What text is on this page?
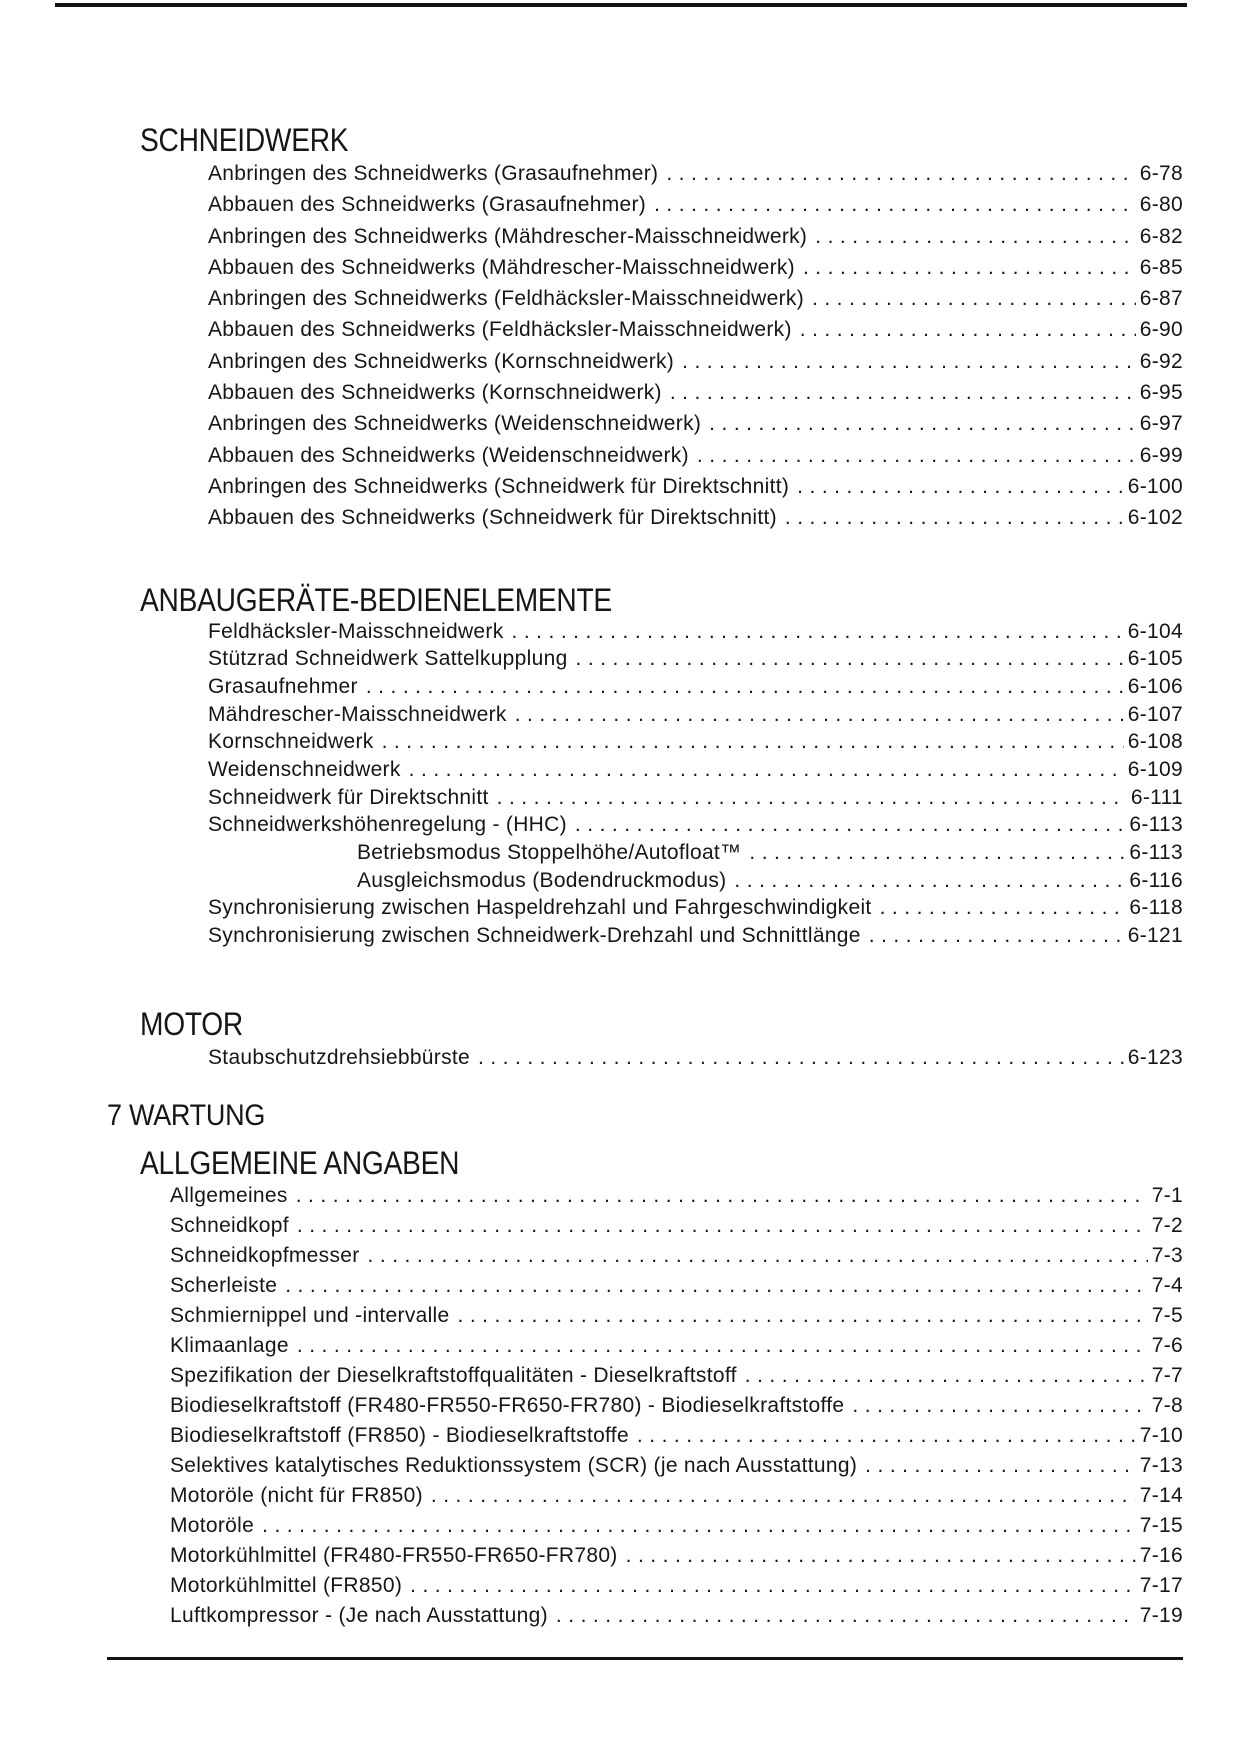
SCHNEIDWERK
Anbringen des Schneidwerks (Grasaufnehmer) .....	6-78
Abbauen des Schneidwerks (Grasaufnehmer) .....	6-80
Anbringen des Schneidwerks (Mähdrescher-Maisschneidwerk) .....	6-82
Abbauen des Schneidwerks (Mähdrescher-Maisschneidwerk) .....	6-85
Anbringen des Schneidwerks (Feldhäcksler-Maisschneidwerk) .....	6-87
Abbauen des Schneidwerks (Feldhäcksler-Maisschneidwerk) .....	6-90
Anbringen des Schneidwerks (Kornschneidwerk) .....	6-92
Abbauen des Schneidwerks (Kornschneidwerk) .....	6-95
Anbringen des Schneidwerks (Weidenschneidwerk) .....	6-97
Abbauen des Schneidwerks (Weidenschneidwerk) .....	6-99
Anbringen des Schneidwerks (Schneidwerk für Direktschnitt) .....	6-100
Abbauen des Schneidwerks (Schneidwerk für Direktschnitt) .....	6-102
ANBAUGERÄTE-BEDIENELEMENTE
Feldhäcksler-Maisschneidwerk .....	6-104
Stützrad Schneidwerk Sattelkupplung .....	6-105
Grasaufnehmer .....	6-106
Mähdrescher-Maisschneidwerk .....	6-107
Kornschneidwerk .....	6-108
Weidenschneidwerk .....	6-109
Schneidwerk für Direktschnitt .....	6-111
Schneidwerkshöhenregelung - (HHC) .....	6-113
Betriebsmodus Stoppelhöhe/Autofloat™ .....	6-113
Ausgleichsmodus (Bodendruckmodus) .....	6-116
Synchronisierung zwischen Haspeldrehzahl und Fahrgeschwindigkeit .....	6-118
Synchronisierung zwischen Schneidwerk-Drehzahl und Schnittlänge .....	6-121
MOTOR
Staubschutzdrehsiebbürste .....	6-123
7 WARTUNG
ALLGEMEINE ANGABEN
Allgemeines .....	7-1
Schneidkopf .....	7-2
Schneidkopfmesser .....	7-3
Scherleiste .....	7-4
Schmiernippel und -intervalle .....	7-5
Klimaanlage .....	7-6
Spezifikation der Dieselkraftstoffqualitäten - Dieselkraftstoff .....	7-7
Biodieselkraftstoff (FR480-FR550-FR650-FR780) - Biodieselkraftstoffe .....	7-8
Biodieselkraftstoff (FR850) - Biodieselkraftstoffe .....	7-10
Selektives katalytisches Reduktionssystem (SCR) (je nach Ausstattung) .....	7-13
Motoröle (nicht für FR850) .....	7-14
Motoröle .....	7-15
Motorkühlmittel (FR480-FR550-FR650-FR780) .....	7-16
Motorkühlmittel (FR850) .....	7-17
Luftkompressor - (Je nach Ausstattung) .....	7-19
